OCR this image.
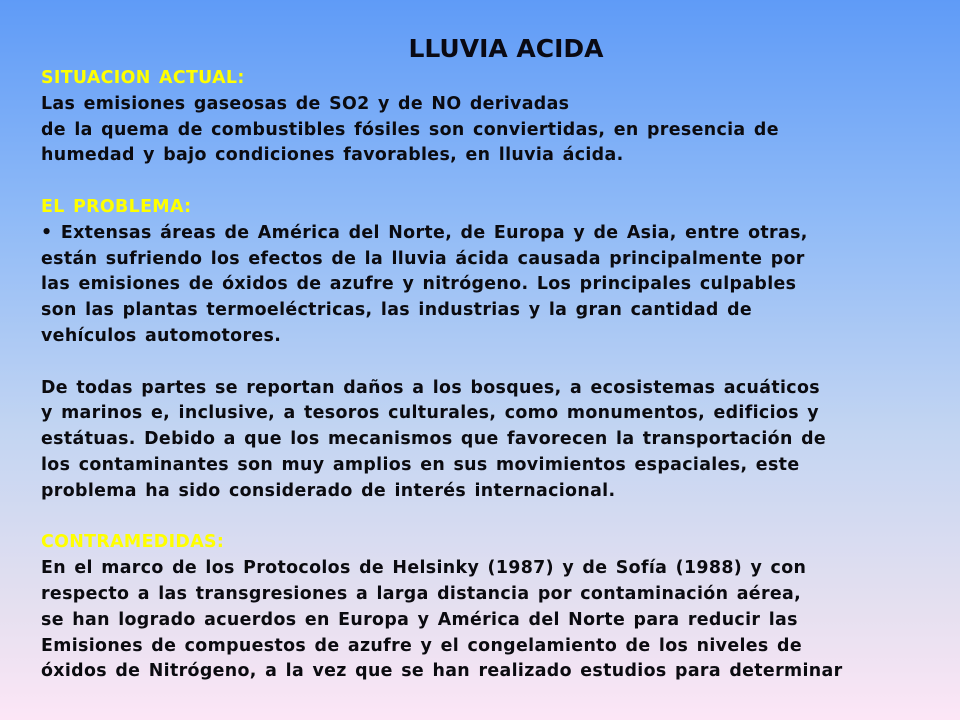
LLUVIA ACIDA
SITUACION ACTUAL:
Las emisiones gaseosas de SO2 y de NO derivadas
de la quema de combustibles fósiles son conviertidas, en presencia de
humedad y bajo condiciones favorables, en lluvia ácida.
EL PROBLEMA:
• Extensas áreas de América del Norte, de Europa y de Asia, entre otras,
están sufriendo los efectos de la lluvia ácida causada principalmente por
las emisiones de óxidos de azufre y nitrógeno. Los principales culpables
son las plantas termoeléctricas, las industrias y la gran cantidad de
vehículos automotores.
De todas partes se reportan daños a los bosques, a ecosistemas acuáticos
y marinos e, inclusive, a tesoros culturales, como monumentos, edificios y
estátuas. Debido a que los mecanismos que favorecen la transportación de
los contaminantes son muy amplios en sus movimientos espaciales, este
problema ha sido considerado de interés internacional.
CONTRAMEDIDAS:
En el marco de los Protocolos de Helsinky (1987) y de Sofía (1988) y con
respecto a las transgresiones a larga distancia por contaminación aérea,
se han logrado acuerdos en Europa y América del Norte para reducir las
Emisiones de compuestos de azufre y el congelamiento de los niveles de
óxidos de Nitrógeno, a la vez que se han realizado estudios para determinar
